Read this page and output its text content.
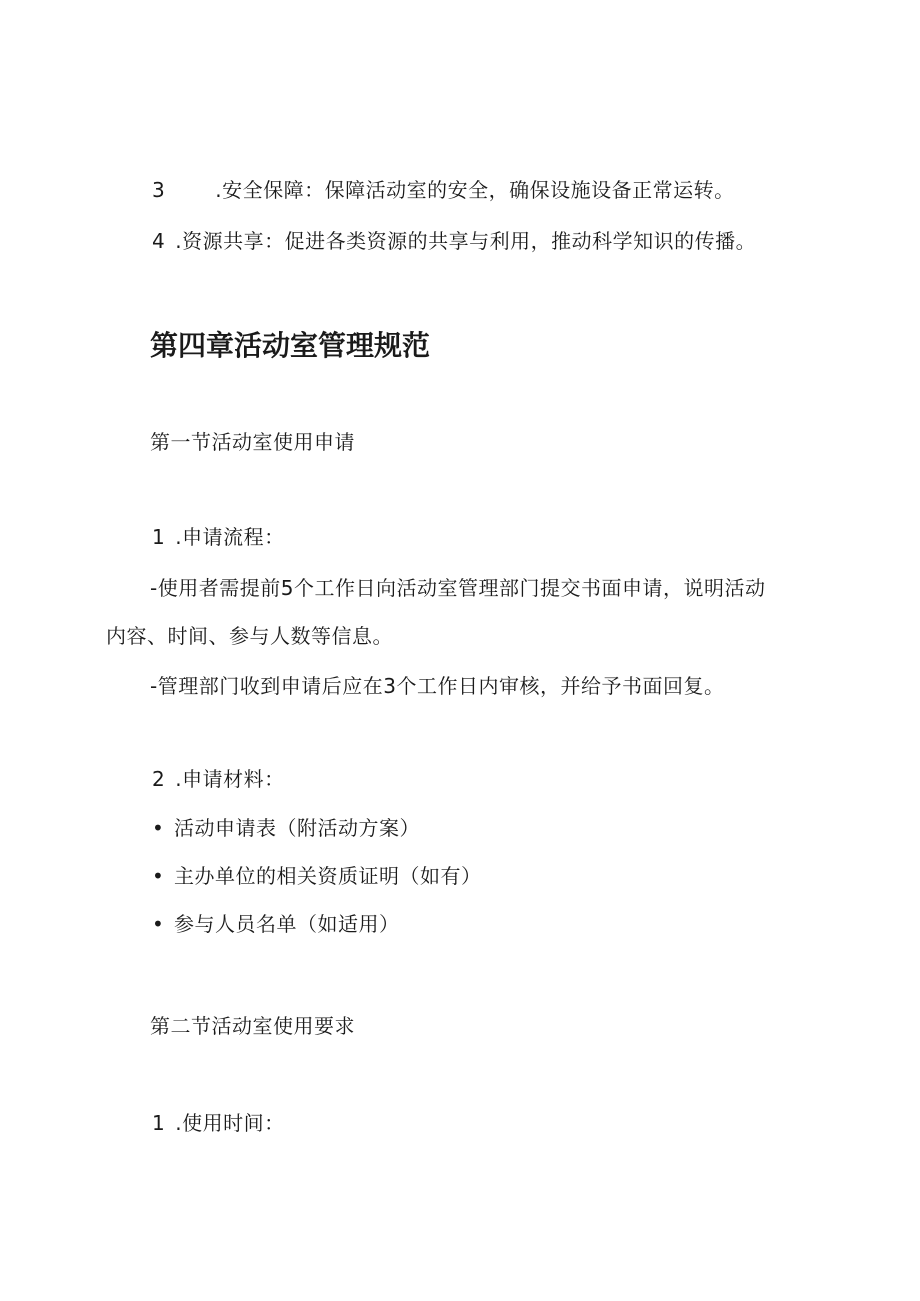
3	.安全保障：保障活动室的安全，确保设施设备正常运转。
4 .资源共享：促进各类资源的共享与利用，推动科学知识的传播。
第四章活动室管理规范
第一节活动室使用申请
1 .申请流程：
-使用者需提前5个工作日向活动室管理部门提交书面申请，说明活动
内容、时间、参与人数等信息。
-管理部门收到申请后应在3个工作日内审核，并给予书面回复。
2 .申请材料：
• 活动申请表（附活动方案）
• 主办单位的相关资质证明（如有）
• 参与人员名单（如适用）
第二节活动室使用要求
1 .使用时间：
